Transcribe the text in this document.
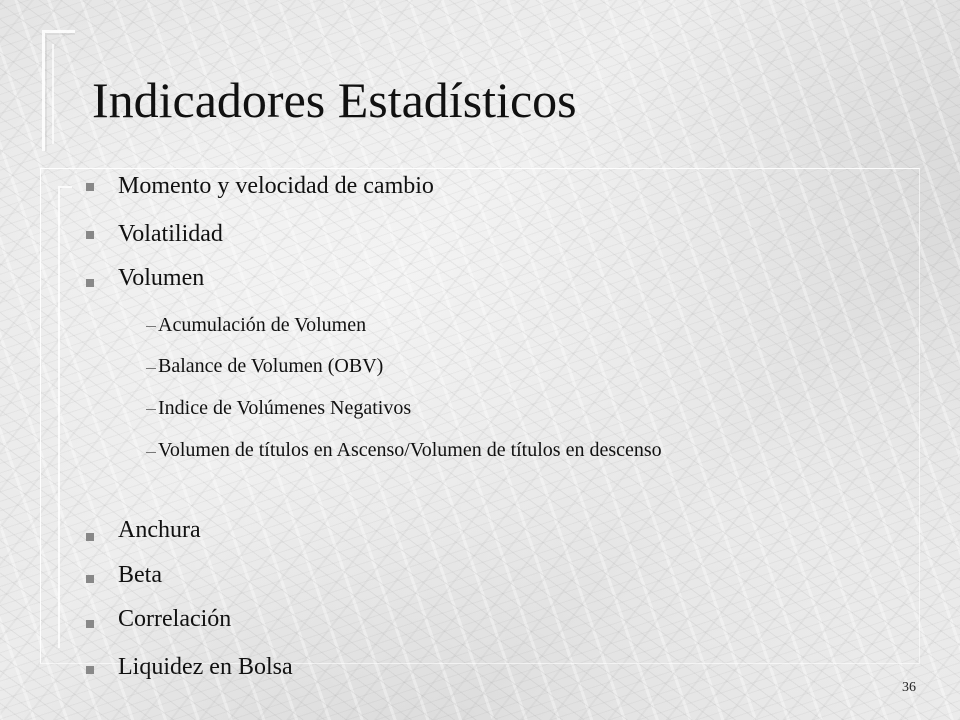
Indicadores Estadísticos
Momento y velocidad de cambio
Volatilidad
Volumen
Acumulación de Volumen
Balance de Volumen (OBV)
Indice de Volúmenes Negativos
Volumen de títulos en Ascenso/Volumen de títulos en descenso
Anchura
Beta
Correlación
Liquidez en Bolsa
36
